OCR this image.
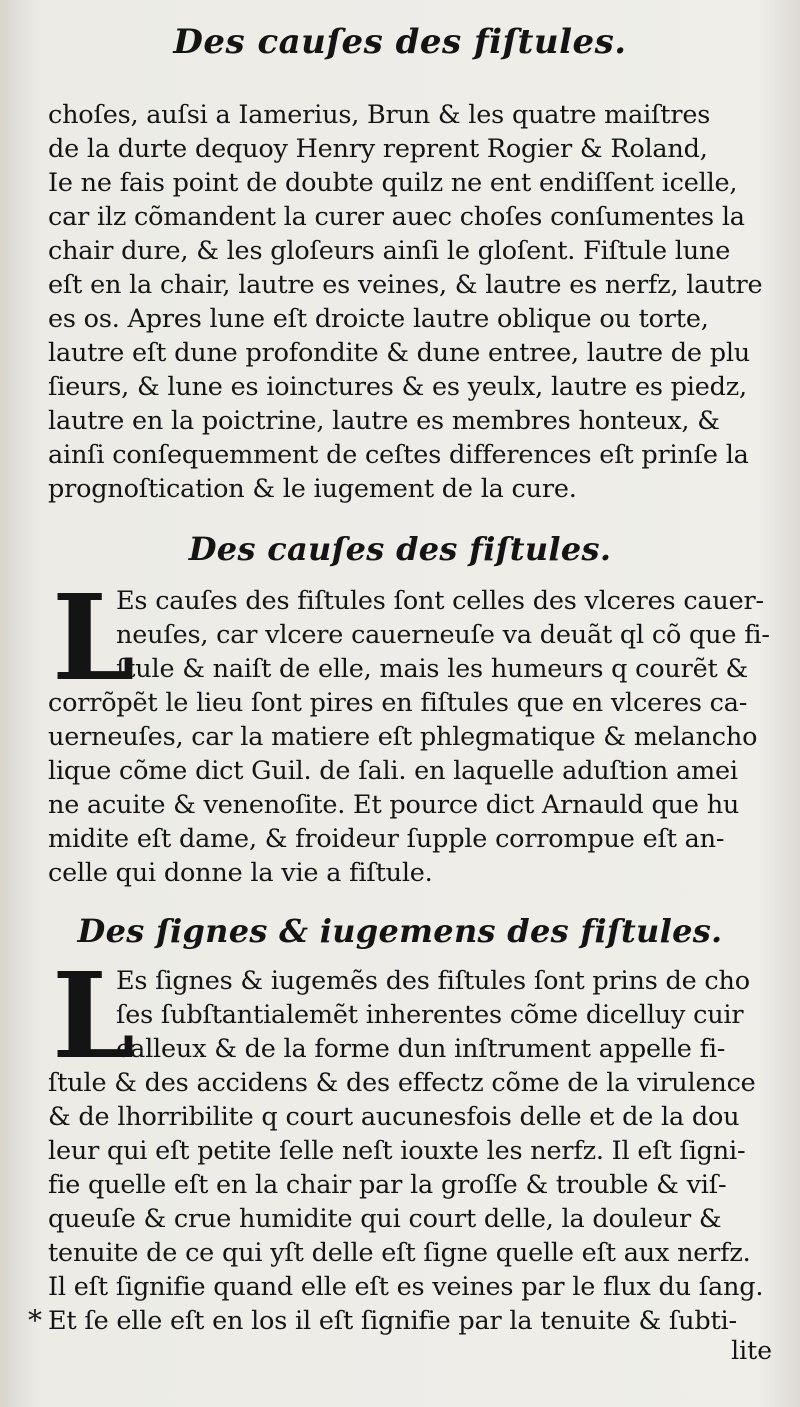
Des cauſes des fiſtules.
choſes, auſsi a Iamerius, Brun & les quatre maiſtres
de la durte dequoy Henry reprent Rogier & Roland,
Ie ne fais point de doubte quilz ne ent endiſſent icelle,
car ilz cõmandent la curer auec choſes conſumentes la
chair dure, & les gloſeurs ainſi le gloſent. Fiſtule lune
eſt en la chair, lautre es veines, & lautre es nerfz, lautre
es os. Apres lune eſt droicte lautre oblique ou torte,
lautre eſt dune profondite & dune entree, lautre de plu
ſieurs, & lune es ioinctures & es yeulx, lautre es piedz,
lautre en la poictrine, lautre es membres honteux, &
ainſi conſequemment de ceſtes differences eſt prinſe la
prognoſtication & le iugement de la cure.
Des cauſes des fiſtules.
L
Es cauſes des fiſtules ſont celles des vlceres cauer-
neuſes, car vlcere cauerneuſe va deuãt ql cõ que fi-
ſtule & naiſt de elle, mais les humeurs q courẽt &
corrõpẽt le lieu ſont pires en fiſtules que en vlceres ca-
uerneuſes, car la matiere eſt phlegmatique & melancho
lique cõme dict Guil. de ſali. en laquelle aduſtion amei
ne acuite & venenoſite. Et pource dict Arnauld que hu
midite eſt dame, & froideur ſupple corrompue eſt an-
celle qui donne la vie a fiſtule.
Des ſignes & iugemens des fiſtules.
L
Es ſignes & iugemẽs des fiſtules ſont prins de cho
ſes ſubſtantialemẽt inherentes cõme dicelluy cuir
calleux & de la forme dun inſtrument appelle fi-
ſtule & des accidens & des effectz cõme de la virulence
& de lhorribilite q court aucunesfois delle et de la dou
leur qui eſt petite ſelle neſt iouxte les nerfz. Il eſt ſigni-
fie quelle eſt en la chair par la groſſe & trouble & viſ-
queuſe & crue humidite qui court delle, la douleur &
tenuite de ce qui yſt delle eſt ſigne quelle eſt aux nerfz.
Il eſt ſignifie quand elle eſt es veines par le flux du ſang.
Et ſe elle eſt en los il eſt ſignifie par la tenuite & ſubti-
*
lite
